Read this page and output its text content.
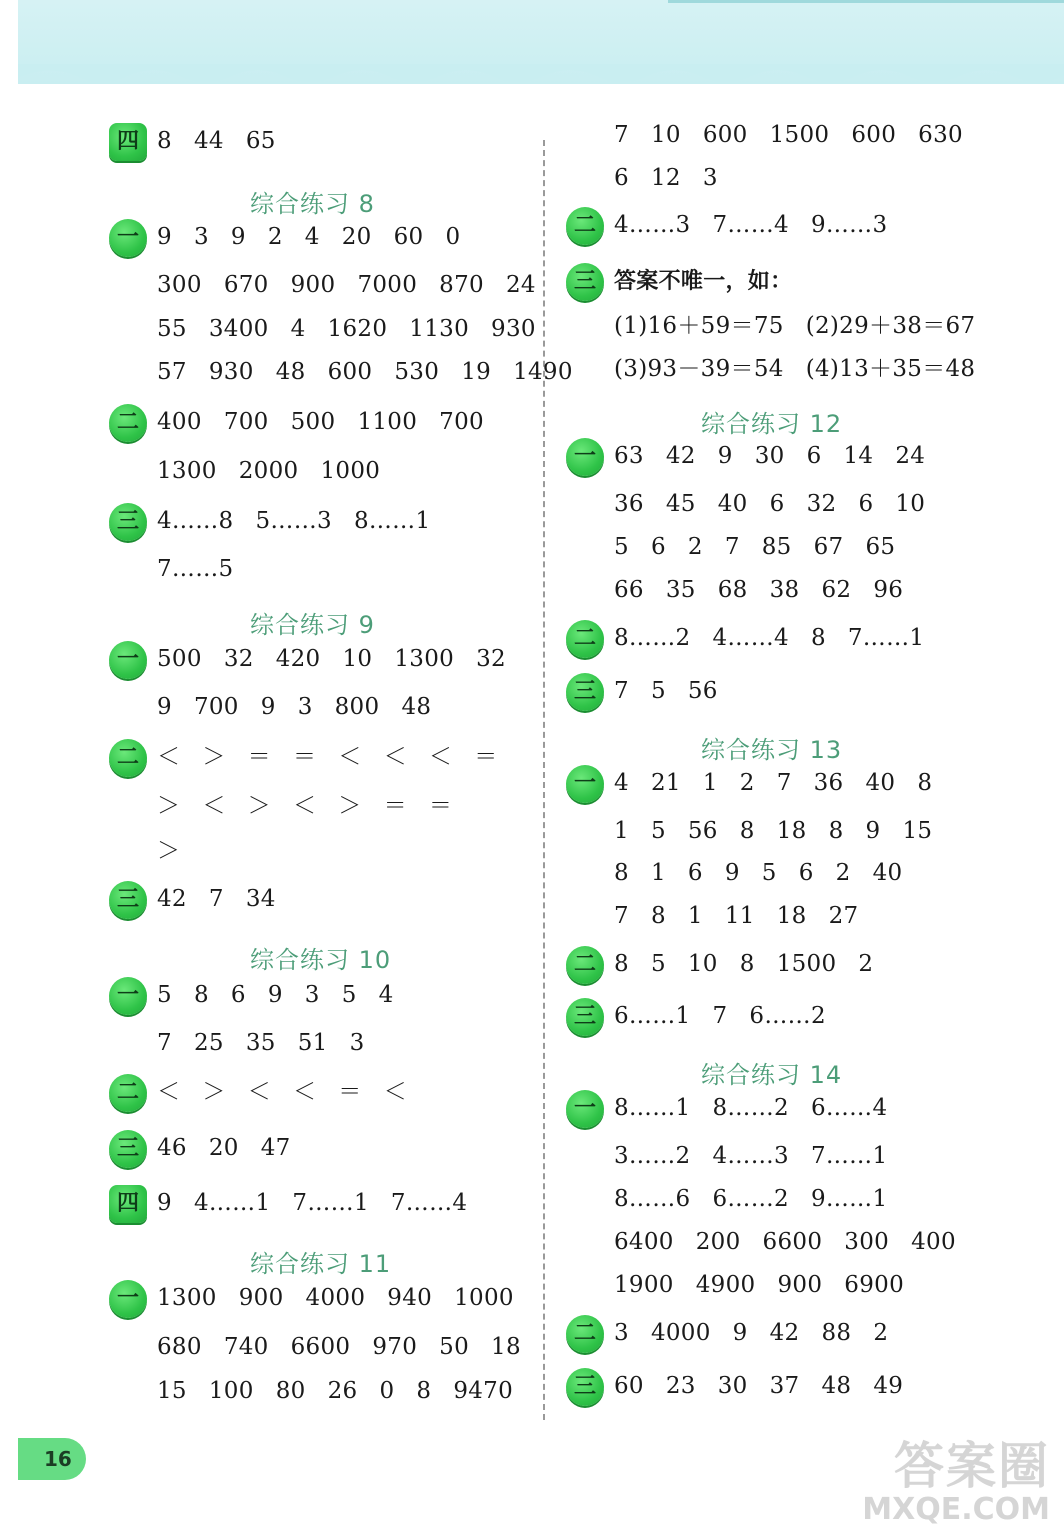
四 8 44 65
综合练习 8
一 9 3 9 2 4 20 60 0
300 670 900 7000 870 24
55 3400 4 1620 1130 930
57 930 48 600 530 19 1490
二 400 700 500 1100 700
1300 2000 1000
三 4……8 5……3 8……1
7……5
综合练习 9
一 500 32 420 10 1300 32
9 700 9 3 800 48
二 ＜ ＞ ＝ ＝ ＜ ＜ ＜ ＝
＞ ＜ ＞ ＜ ＞ ＝ ＝
＞
三 42 7 34
综合练习 10
一 5 8 6 9 3 5 4
7 25 35 51 3
二 ＜ ＞ ＜ ＜ ＝ ＜
三 46 20 47
四 9 4……1 7……1 7……4
综合练习 11
一 1300 900 4000 940 1000
680 740 6600 970 50 18
15 100 80 26 0 8 9470
7 10 600 1500 600 630
6 12 3
二 4……3 7……4 9……3
三 答案不唯一，如：
(1)16＋59＝75 (2)29＋38＝67
(3)93－39＝54 (4)13＋35＝48
综合练习 12
一 63 42 9 30 6 14 24
36 45 40 6 32 6 10
5 6 2 7 85 67 65
66 35 68 38 62 96
二 8……2 4……4 8 7……1
三 7 5 56
综合练习 13
一 4 21 1 2 7 36 40 8
1 5 56 8 18 8 9 15
8 1 6 9 5 6 2 40
7 8 1 11 18 27
二 8 5 10 8 1500 2
三 6……1 7 6……2
综合练习 14
一 8……1 8……2 6……4
3……2 4……3 7……1
8……6 6……2 9……1
6400 200 6600 300 400
1900 4900 900 6900
二 3 4000 9 42 88 2
三 60 23 30 37 48 49
16	答案圈
MXQE.COM
